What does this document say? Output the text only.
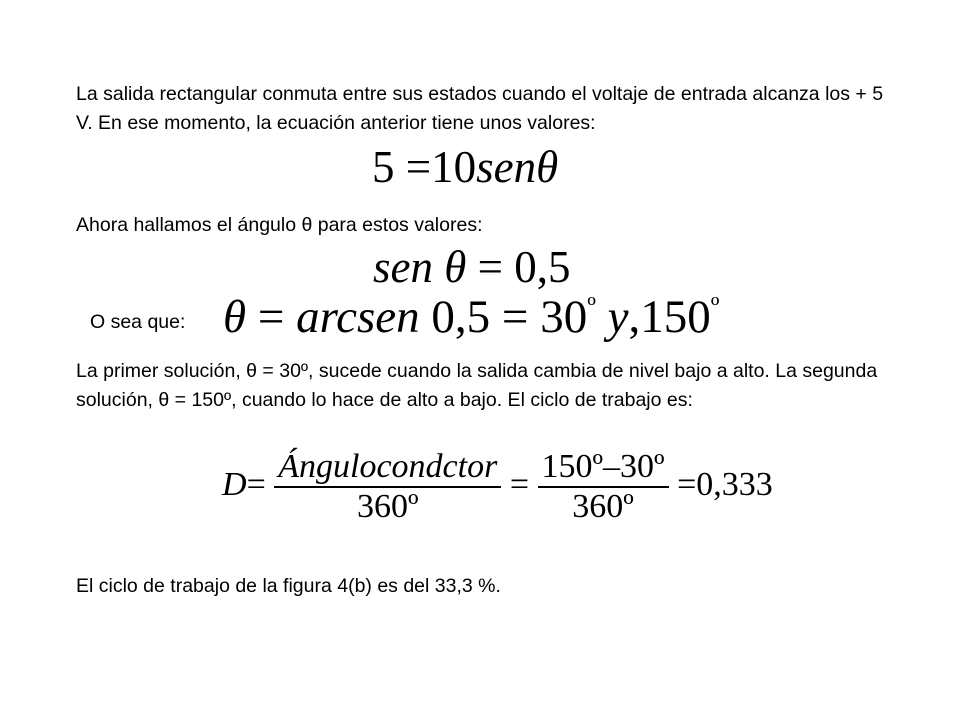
La salida rectangular conmuta entre sus estados cuando el voltaje de entrada alcanza los + 5 V. En ese momento, la ecuación anterior tiene unos valores:
5 =10senθ
Ahora hallamos el ángulo θ para estos valores:
sen θ = 0,5
O sea que: θ = arcsen $0,5 = 30^º$ $y,150^º$
La primer solución, θ = 30º, sucede cuando la salida cambia de nivel bajo a alto. La segunda solución, θ = 150º, cuando lo hace de alto a bajo. El ciclo de trabajo es:
$D= \frac{\text{Ángulocondctor}}{\text{360º}} = \frac{\text{150º–30º}}{\text{360º}} =0,333$
El ciclo de trabajo de la figura 4(b) es del 33,3 %.
